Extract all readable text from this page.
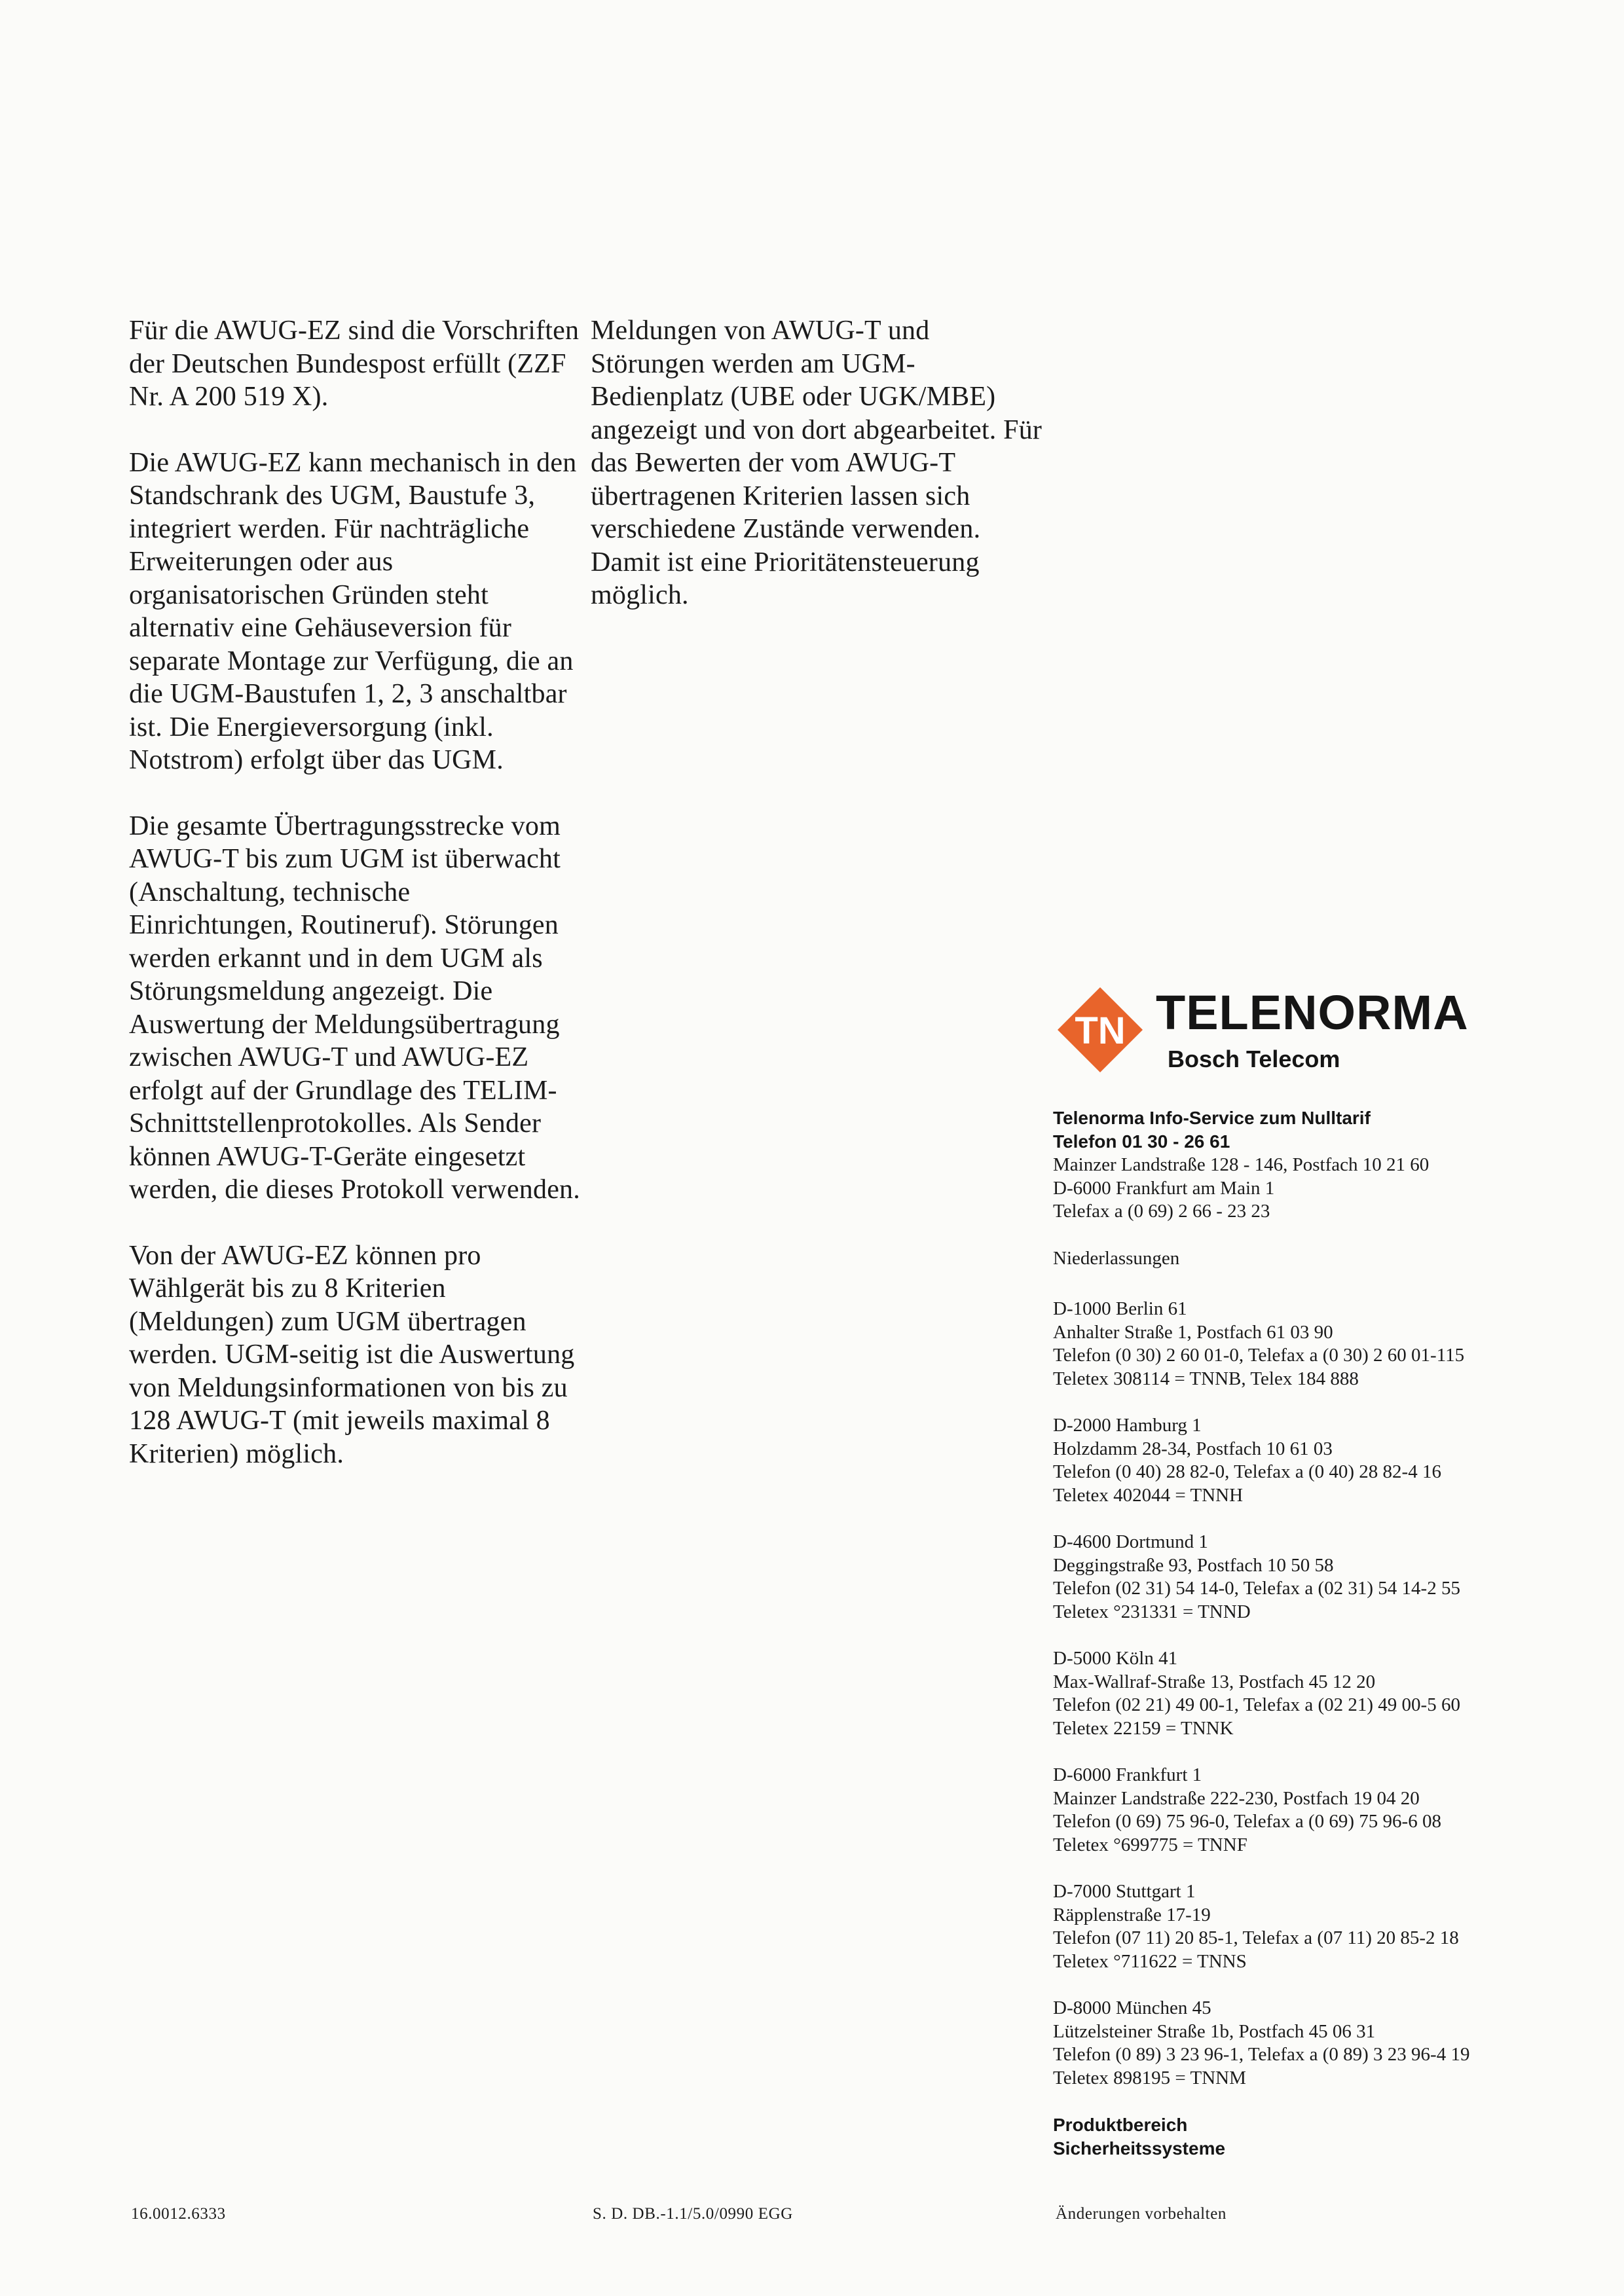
Für die AWUG-EZ sind die Vorschriften der Deutschen Bundespost erfüllt (ZZF Nr. A 200 519 X).

Die AWUG-EZ kann mechanisch in den Standschrank des UGM, Baustufe 3, integriert werden. Für nachträgliche Erweiterungen oder aus organisatorischen Gründen steht alternativ eine Gehäuseversion für separate Montage zur Verfügung, die an die UGM-Baustufen 1, 2, 3 anschaltbar ist. Die Energieversorgung (inkl. Notstrom) erfolgt über das UGM.

Die gesamte Übertragungsstrecke vom AWUG-T bis zum UGM ist überwacht (Anschaltung, technische Einrichtungen, Routineruf). Störungen werden erkannt und in dem UGM als Störungsmeldung angezeigt. Die Auswertung der Meldungsübertragung zwischen AWUG-T und AWUG-EZ erfolgt auf der Grundlage des TELIM-Schnittstellenprotokolles. Als Sender können AWUG-T-Geräte eingesetzt werden, die dieses Protokoll verwenden.

Von der AWUG-EZ können pro Wählgerät bis zu 8 Kriterien (Meldungen) zum UGM übertragen werden. UGM-seitig ist die Auswertung von Meldungsinformationen von bis zu 128 AWUG-T (mit jeweils maximal 8 Kriterien) möglich.

Meldungen von AWUG-T und Störungen werden am UGM-Bedienplatz (UBE oder UGK/MBE) angezeigt und von dort abgearbeitet. Für das Bewerten der vom AWUG-T übertragenen Kriterien lassen sich verschiedene Zustände verwenden. Damit ist eine Prioritätensteuerung möglich.

TN TELENORMA
Bosch Telecom
Telenorma Info-Service zum Nulltarif
Telefon 01 30 - 26 61
Mainzer Landstraße 128 - 146, Postfach 10 21 60
D-6000 Frankfurt am Main 1
Telefax a (0 69) 2 66 - 23 23
Niederlassungen
D-1000 Berlin 61
Anhalter Straße 1, Postfach 61 03 90
Telefon (0 30) 2 60 01-0, Telefax a (0 30) 2 60 01-115
Teletex 308114 = TNNB, Telex 184 888
D-2000 Hamburg 1
Holzdamm 28-34, Postfach 10 61 03
Telefon (0 40) 28 82-0, Telefax a (0 40) 28 82-4 16
Teletex 402044 = TNNH
D-4600 Dortmund 1
Deggingstraße 93, Postfach 10 50 58
Telefon (02 31) 54 14-0, Telefax a (02 31) 54 14-2 55
Teletex °231331 = TNND
D-5000 Köln 41
Max-Wallraf-Straße 13, Postfach 45 12 20
Telefon (02 21) 49 00-1, Telefax a (02 21) 49 00-5 60
Teletex 22159 = TNNK
D-6000 Frankfurt 1
Mainzer Landstraße 222-230, Postfach 19 04 20
Telefon (0 69) 75 96-0, Telefax a (0 69) 75 96-6 08
Teletex °699775 = TNNF
D-7000 Stuttgart 1
Räpplenstraße 17-19
Telefon (07 11) 20 85-1, Telefax a (07 11) 20 85-2 18
Teletex °711622 = TNNS
D-8000 München 45
Lützelsteiner Straße 1b, Postfach 45 06 31
Telefon (0 89) 3 23 96-1, Telefax a (0 89) 3 23 96-4 19
Teletex 898195 = TNNM
Produktbereich
Sicherheitssysteme
16.0012.6333	S. D. DB.-1.1/5.0/0990 EGG	Änderungen vorbehalten
